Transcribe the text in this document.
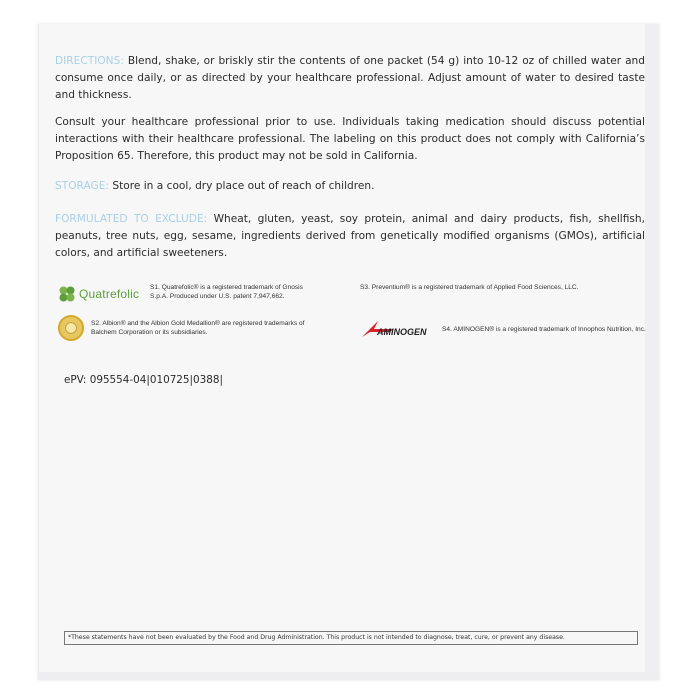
DIRECTIONS: Blend, shake, or briskly stir the contents of one packet (54 g) into 10-12 oz of chilled water and consume once daily, or as directed by your healthcare professional. Adjust amount of water to desired taste and thickness.
Consult your healthcare professional prior to use. Individuals taking medication should discuss potential interactions with their healthcare professional. The labeling on this product does not comply with California’s Proposition 65. Therefore, this product may not be sold in California.
STORAGE: Store in a cool, dry place out of reach of children.
FORMULATED TO EXCLUDE: Wheat, gluten, yeast, soy protein, animal and dairy products, fish, shellfish, peanuts, tree nuts, egg, sesame, ingredients derived from genetically modified organisms (GMOs), artificial colors, and artificial sweeteners.
Quatrefolic S1. Quatrefolic® is a registered trademark of Gnosis S.p.A. Produced under U.S. patent 7,947,662.
S2. Albion® and the Albion Gold Medallion® are registered trademarks of Balchem Corporation or its subsidiaries.
S3. Preventium® is a registered trademark of Applied Food Sciences, LLC.
AMINOGEN S4. AMINOGEN® is a registered trademark of Innophos Nutrition, Inc.
ePV: 095554-04|010725|0388|
*These statements have not been evaluated by the Food and Drug Administration. This product is not intended to diagnose, treat, cure, or prevent any disease.
